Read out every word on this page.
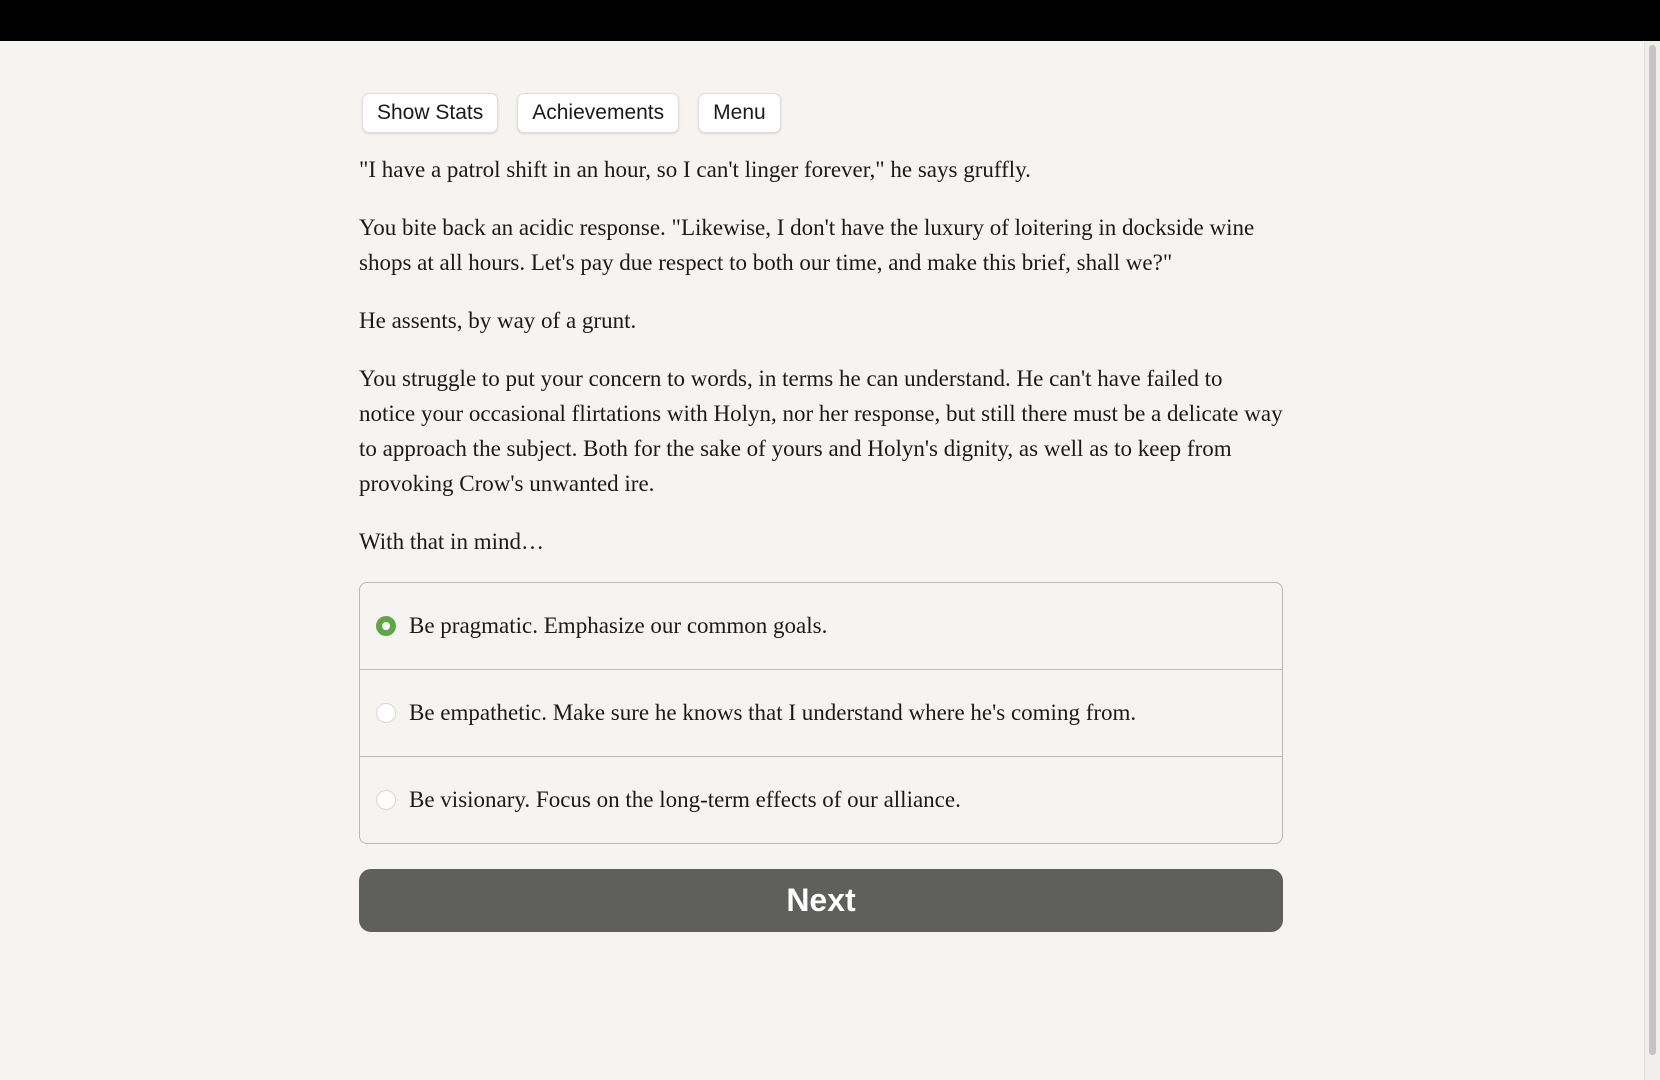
Show Stats	Achievements	Menu

"I have a patrol shift in an hour, so I can't linger forever," he says gruffly.

You bite back an acidic response. "Likewise, I don't have the luxury of loitering in dockside wine shops at all hours. Let's pay due respect to both our time, and make this brief, shall we?"

He assents, by way of a grunt.

You struggle to put your concern to words, in terms he can understand. He can't have failed to notice your occasional flirtations with Holyn, nor her response, but still there must be a delicate way to approach the subject. Both for the sake of yours and Holyn's dignity, as well as to keep from provoking Crow's unwanted ire.

With that in mind…

Be pragmatic. Emphasize our common goals.
Be empathetic. Make sure he knows that I understand where he's coming from.
Be visionary. Focus on the long-term effects of our alliance.
Next
